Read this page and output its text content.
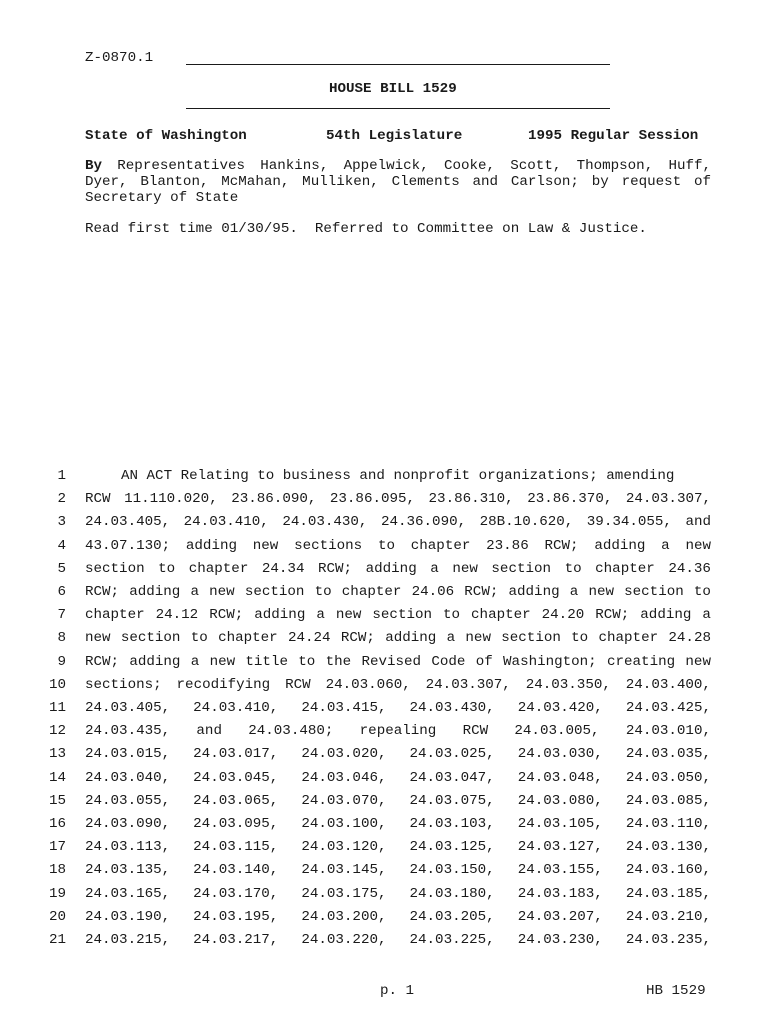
Z-0870.1
HOUSE BILL 1529
State of Washington	54th Legislature	1995 Regular Session
By Representatives Hankins, Appelwick, Cooke, Scott, Thompson, Huff, Dyer, Blanton, McMahan, Mulliken, Clements and Carlson; by request of Secretary of State
Read first time 01/30/95.  Referred to Committee on Law & Justice.
1	AN ACT Relating to business and nonprofit organizations; amending
2 RCW 11.110.020, 23.86.090, 23.86.095, 23.86.310, 23.86.370, 24.03.307,
3 24.03.405, 24.03.410, 24.03.430, 24.36.090, 28B.10.620, 39.34.055, and
4 43.07.130; adding new sections to chapter 23.86 RCW; adding a new
5 section to chapter 24.34 RCW; adding a new section to chapter 24.36
6 RCW; adding a new section to chapter 24.06 RCW; adding a new section to
7 chapter 24.12 RCW; adding a new section to chapter 24.20 RCW; adding a
8 new section to chapter 24.24 RCW; adding a new section to chapter 24.28
9 RCW; adding a new title to the Revised Code of Washington; creating new
10 sections; recodifying RCW 24.03.060, 24.03.307, 24.03.350, 24.03.400,
11 24.03.405, 24.03.410, 24.03.415, 24.03.430, 24.03.420, 24.03.425,
12 24.03.435, and 24.03.480; repealing RCW 24.03.005, 24.03.010,
13 24.03.015, 24.03.017, 24.03.020, 24.03.025, 24.03.030, 24.03.035,
14 24.03.040, 24.03.045, 24.03.046, 24.03.047, 24.03.048, 24.03.050,
15 24.03.055, 24.03.065, 24.03.070, 24.03.075, 24.03.080, 24.03.085,
16 24.03.090, 24.03.095, 24.03.100, 24.03.103, 24.03.105, 24.03.110,
17 24.03.113, 24.03.115, 24.03.120, 24.03.125, 24.03.127, 24.03.130,
18 24.03.135, 24.03.140, 24.03.145, 24.03.150, 24.03.155, 24.03.160,
19 24.03.165, 24.03.170, 24.03.175, 24.03.180, 24.03.183, 24.03.185,
20 24.03.190, 24.03.195, 24.03.200, 24.03.205, 24.03.207, 24.03.210,
21 24.03.215, 24.03.217, 24.03.220, 24.03.225, 24.03.230, 24.03.235,
p. 1	HB 1529
